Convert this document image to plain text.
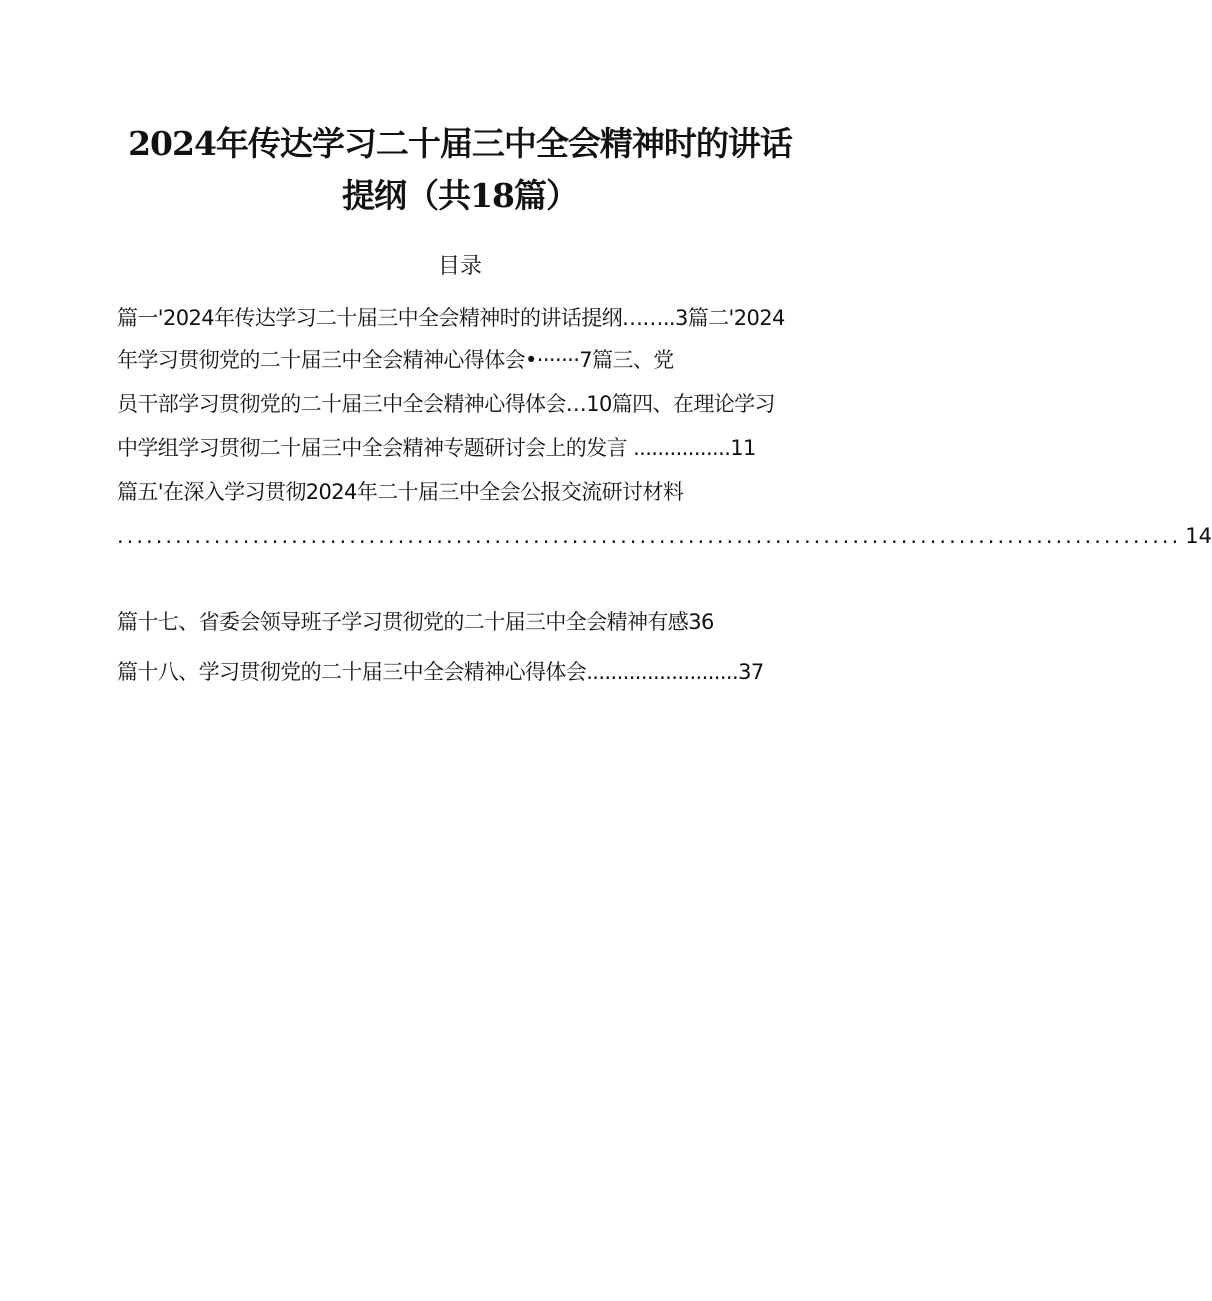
2024年传达学习二十届三中全会精神时的讲话
提纲（共18篇）
目录
篇一'2024年传达学习二十届三中全会精神时的讲话提纲……..3篇二'2024
年学习贯彻党的二十届三中全会精神心得体会•·······7篇三、党
员干部学习贯彻党的二十届三中全会精神心得体会…10篇四、在理论学习
中学组学习贯彻二十届三中全会精神专题研讨会上的发言 ................11
篇五'在深入学习贯彻2024年二十届三中全会公报交流研讨材料
.............................................................................................................. 14
篇十七、省委会领导班子学习贯彻党的二十届三中全会精神有感36
篇十八、学习贯彻党的二十届三中全会精神心得体会.........................37
